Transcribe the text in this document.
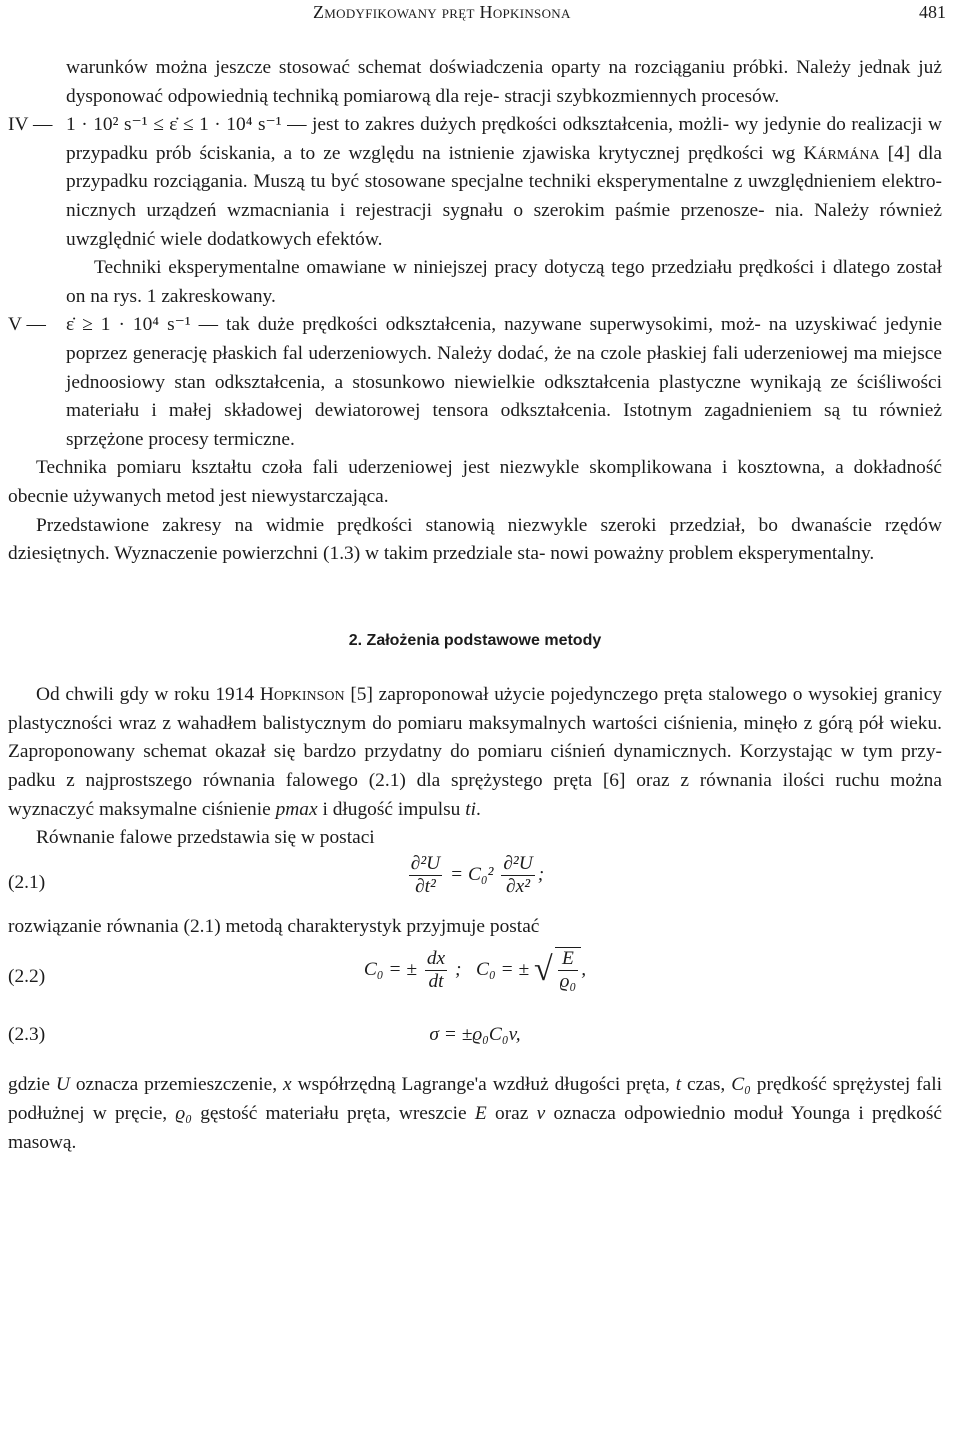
Zmodyfikowany pręt Hopkinsona	481

warunków można jeszcze stosować schemat doświadczenia oparty na rozciąganiu próbki. Należy jednak już dysponować odpowiednią techniką pomiarową dla reje- stracji szybkozmiennych procesów.

IV — 1 · 10² s⁻¹ ≤ ε̇ ≤ 1 · 10⁴ s⁻¹ — jest to zakres dużych prędkości odkształcenia, możli- wy jedynie do realizacji w przypadku prób ściskania, a to ze względu na istnienie zjawiska krytycznej prędkości wg Kármána [4] dla przypadku rozciągania. Muszą tu być stosowane specjalne techniki eksperymentalne z uwzględnieniem elektro- nicznych urządzeń wzmacniania i rejestracji sygnału o szerokim paśmie przenosze- nia. Należy również uwzględnić wiele dodatkowych efektów.

Techniki eksperymentalne omawiane w niniejszej pracy dotyczą tego przedziału prędkości i dlatego został on na rys. 1 zakreskowany.

V — ε̇ ≥ 1 · 10⁴ s⁻¹ — tak duże prędkości odkształcenia, nazywane superwysokimi, moż- na uzyskiwać jedynie poprzez generację płaskich fal uderzeniowych. Należy dodać, że na czole płaskiej fali uderzeniowej ma miejsce jednoosiowy stan odkształcenia, a stosunkowo niewielkie odkształcenia plastyczne wynikają ze ściśliwości materiału i małej składowej dewiatorowej tensora odkształcenia. Istotnym zagadnieniem są tu również sprzężone procesy termiczne.

Technika pomiaru kształtu czoła fali uderzeniowej jest niezwykle skomplikowana i kosztowna, a dokładność obecnie używanych metod jest niewystarczająca.

Przedstawione zakresy na widmie prędkości stanowią niezwykle szeroki przedział, bo dwanaście rzędów dziesiętnych. Wyznaczenie powierzchni (1.3) w takim przedziale sta- nowi poważny problem eksperymentalny.

2. Założenia podstawowe metody

Od chwili gdy w roku 1914 Hopkinson [5] zaproponował użycie pojedynczego pręta stalowego o wysokiej granicy plastyczności wraz z wahadłem balistycznym do pomiaru maksymalnych wartości ciśnienia, minęło z górą pół wieku. Zaproponowany schemat okazał się bardzo przydatny do pomiaru ciśnień dynamicznych. Korzystając w tym przy- padku z najprostszego równania falowego (2.1) dla sprężystego pręta [6] oraz z równania ilości ruchu można wyznaczyć maksymalne ciśnienie pmax i długość impulsu ti.

Równanie falowe przedstawia się w postaci

(2.1)	$\frac{\text{∂²U}}{\text{∂t²}} = C_0^2 \frac{\text{∂²U}}{\text{∂x²}}$ ;

rozwiązanie równania (2.1) metodą charakterystyk przyjmuje postać

(2.2)	C₀ = ± $\frac{dx}{dt}$ ;   C₀ = ± √ $\frac{E}{\text{ϱ₀}}$ ,
(2.3)	σ = ±ϱ₀C₀v,

gdzie U oznacza przemieszczenie, x współrzędną Lagrange'a wzdłuż długości pręta, t czas, C₀ prędkość sprężystej fali podłużnej w pręcie, ϱ₀ gęstość materiału pręta, wreszcie E oraz v oznacza odpowiednio moduł Younga i prędkość masową.
